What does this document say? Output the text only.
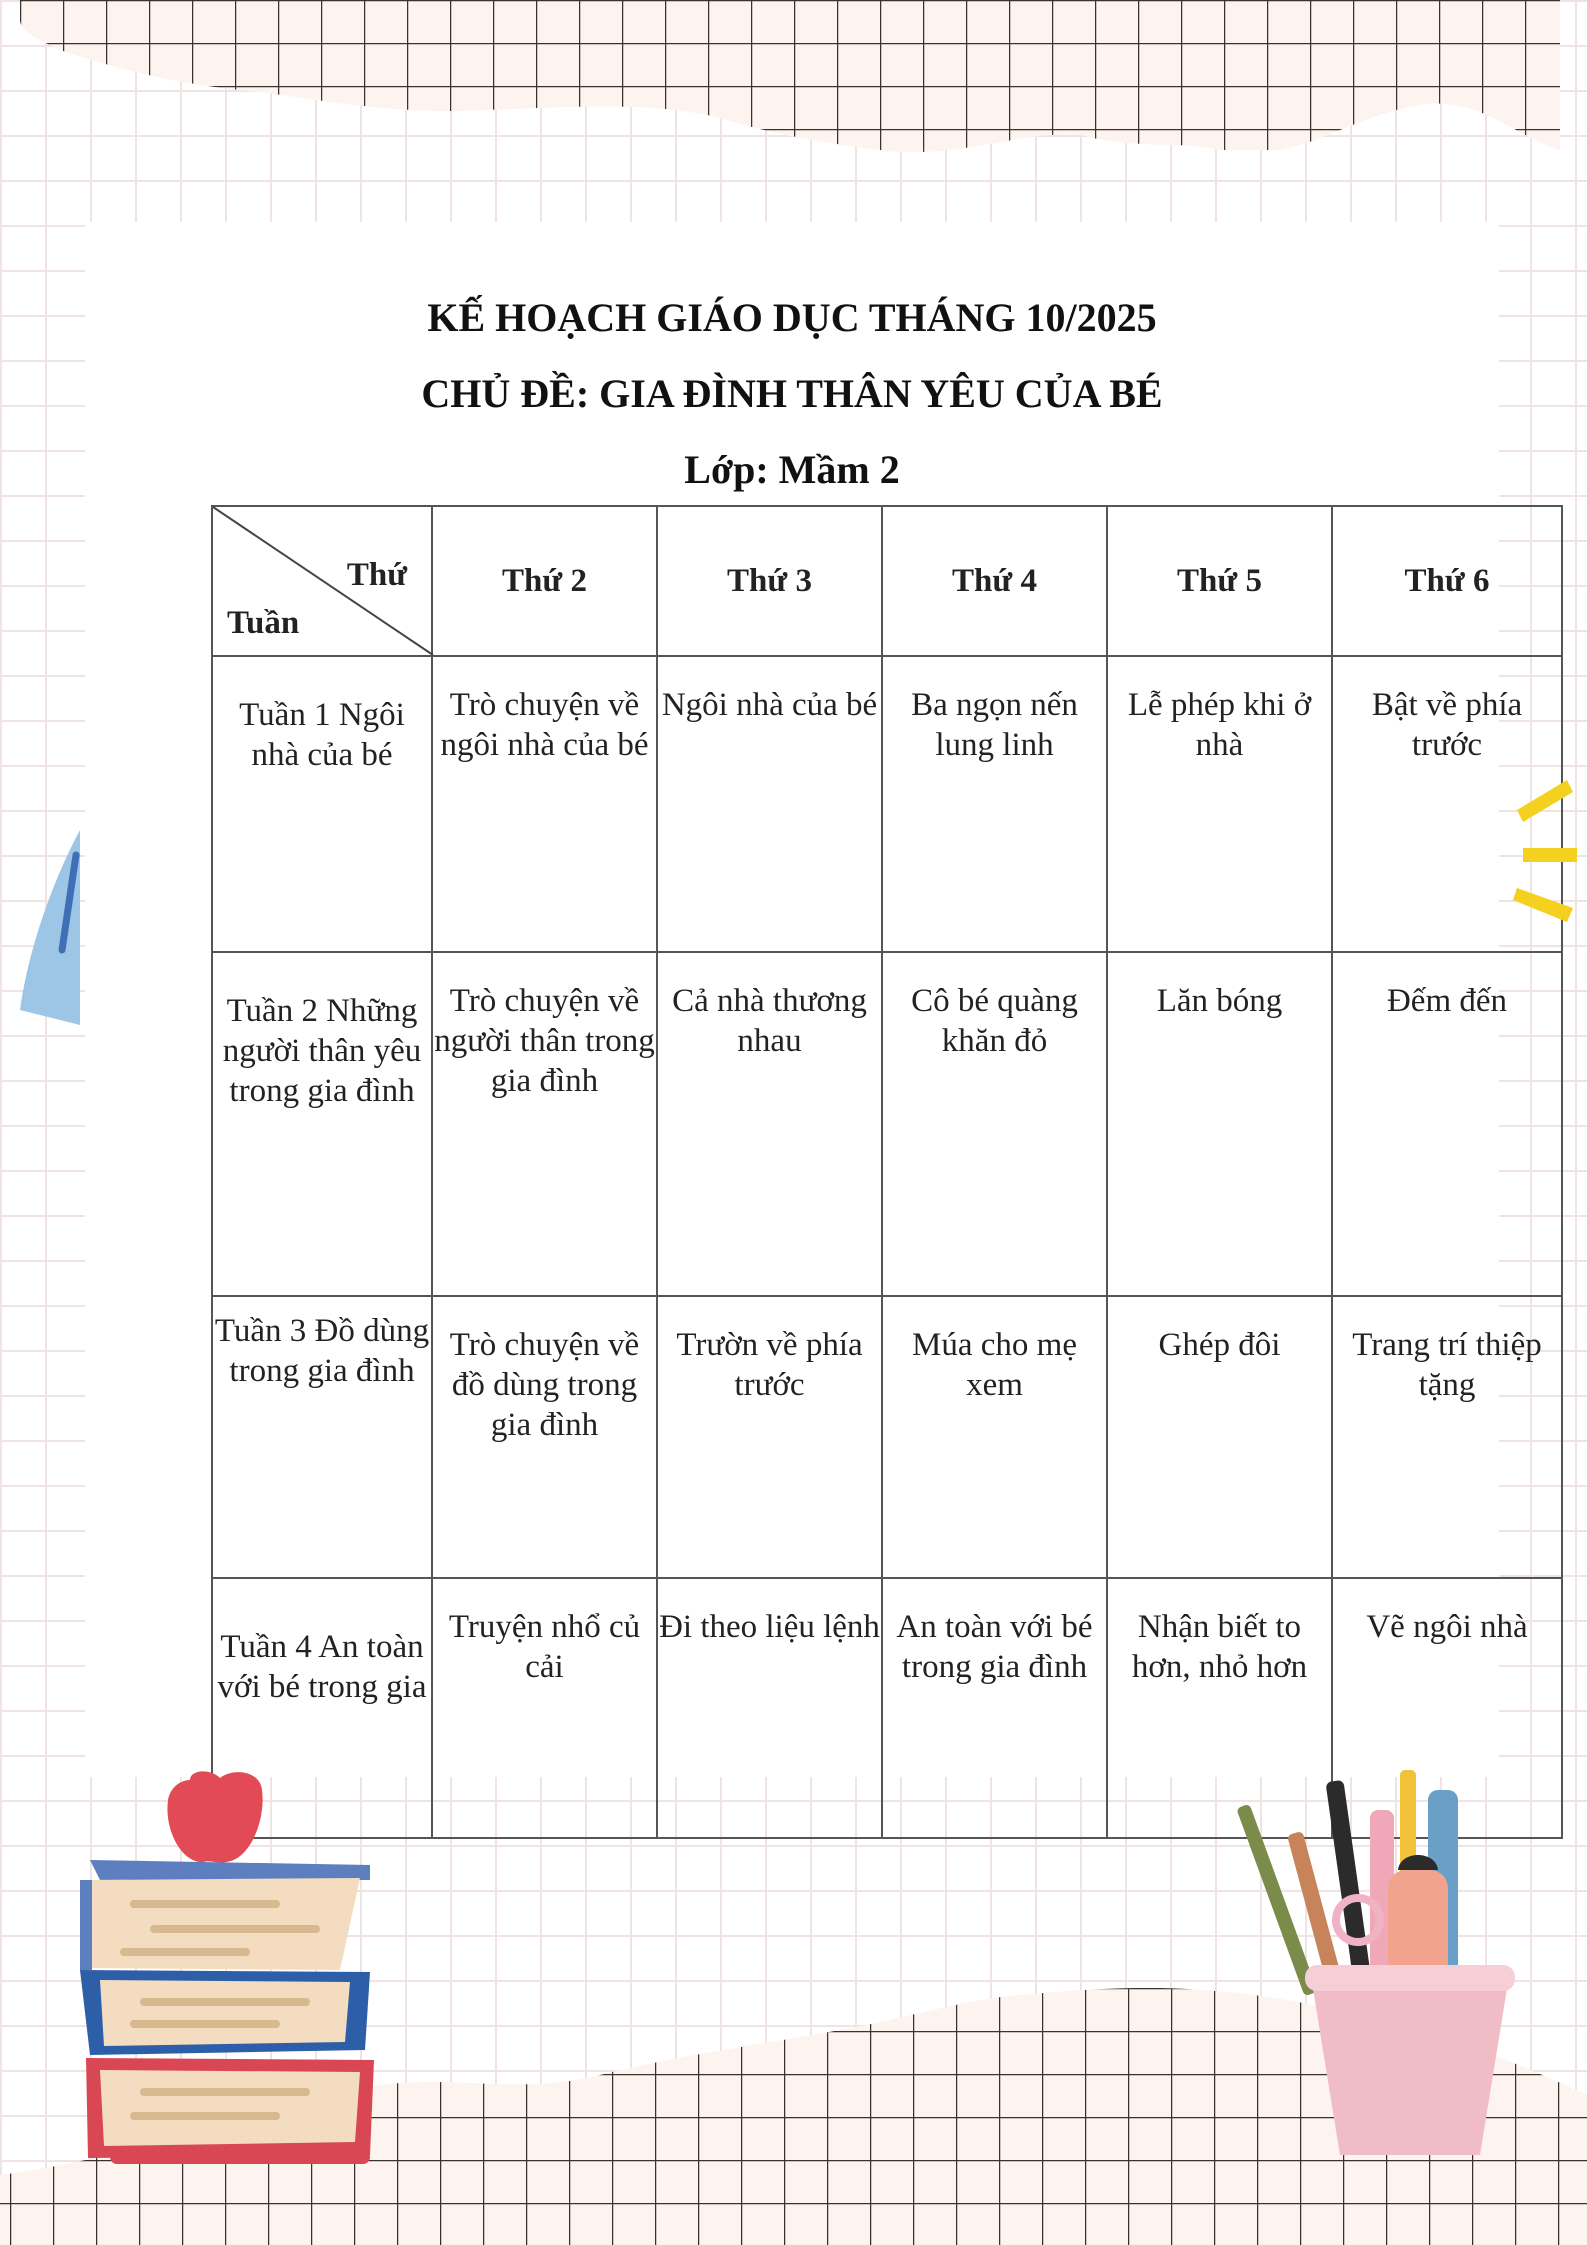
KẾ HOẠCH GIÁO DỤC THÁNG 10/2025

CHỦ ĐỀ: GIA ĐÌNH THÂN YÊU CỦA BÉ

Lớp: Mầm 2

Thứ
Tuần	Thứ 2	Thứ 3	Thứ 4	Thứ 5	Thứ 6
Tuần 1 Ngôi nhà của bé	Trò chuyện về ngôi nhà của bé	Ngôi nhà của bé	Ba ngọn nến lung linh	Lễ phép khi ở nhà	Bật về phía trước
Tuần 2 Những người thân yêu trong gia đình	Trò chuyện về người thân trong gia đình	Cả nhà thương nhau	Cô bé quàng khăn đỏ	Lăn bóng	Đếm đến
Tuần 3 Đồ dùng trong gia đình	Trò chuyện về đồ dùng trong gia đình	Trườn về phía trước	Múa cho mẹ xem	Ghép đôi	Trang trí thiệp tặng
Tuần 4 An toàn với bé trong gia	Truyện nhổ củ cải	Đi theo liệu lệnh	An toàn với bé trong gia đình	Nhận biết to hơn, nhỏ hơn	Vẽ ngôi nhà
